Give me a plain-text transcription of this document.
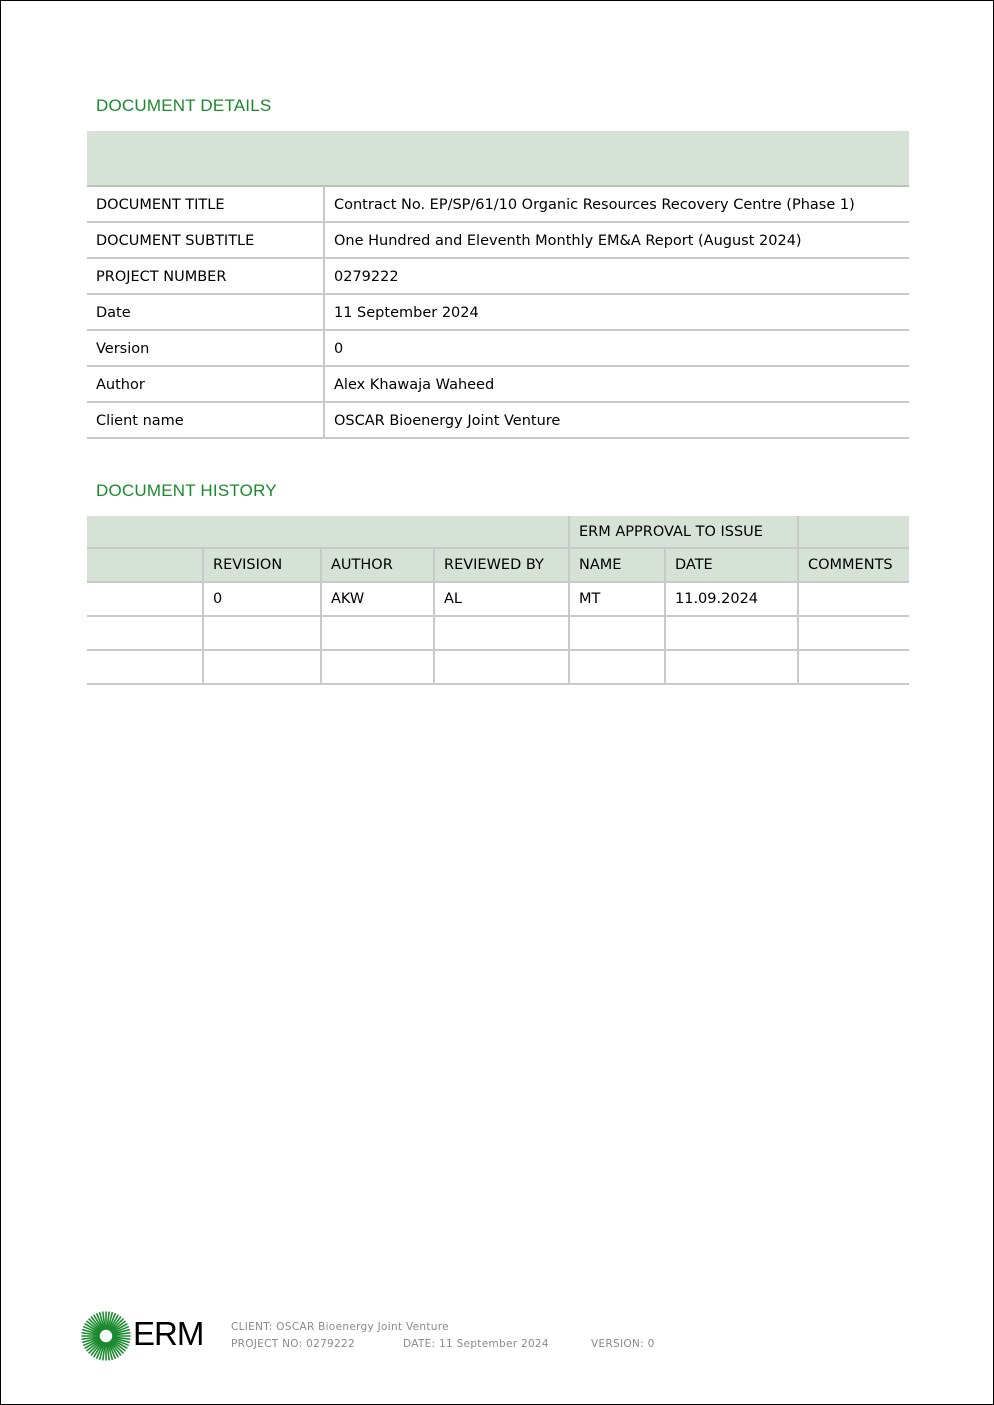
DOCUMENT DETAILS

DOCUMENT TITLE	Contract No. EP/SP/61/10 Organic Resources Recovery Centre (Phase 1)
DOCUMENT SUBTITLE	One Hundred and Eleventh Monthly EM&A Report (August 2024)
PROJECT NUMBER	0279222
Date	11 September 2024
Version	0
Author	Alex Khawaja Waheed
Client name	OSCAR Bioenergy Joint Venture
DOCUMENT HISTORY
				ERM APPROVAL TO ISSUE		
	REVISION	AUTHOR	REVIEWED BY	NAME	DATE	COMMENTS
	0	AKW	AL	MT	11.09.2024	

ERM	CLIENT: OSCAR Bioenergy Joint Venture
PROJECT NO: 0279222	DATE: 11 September 2024	VERSION: 0
